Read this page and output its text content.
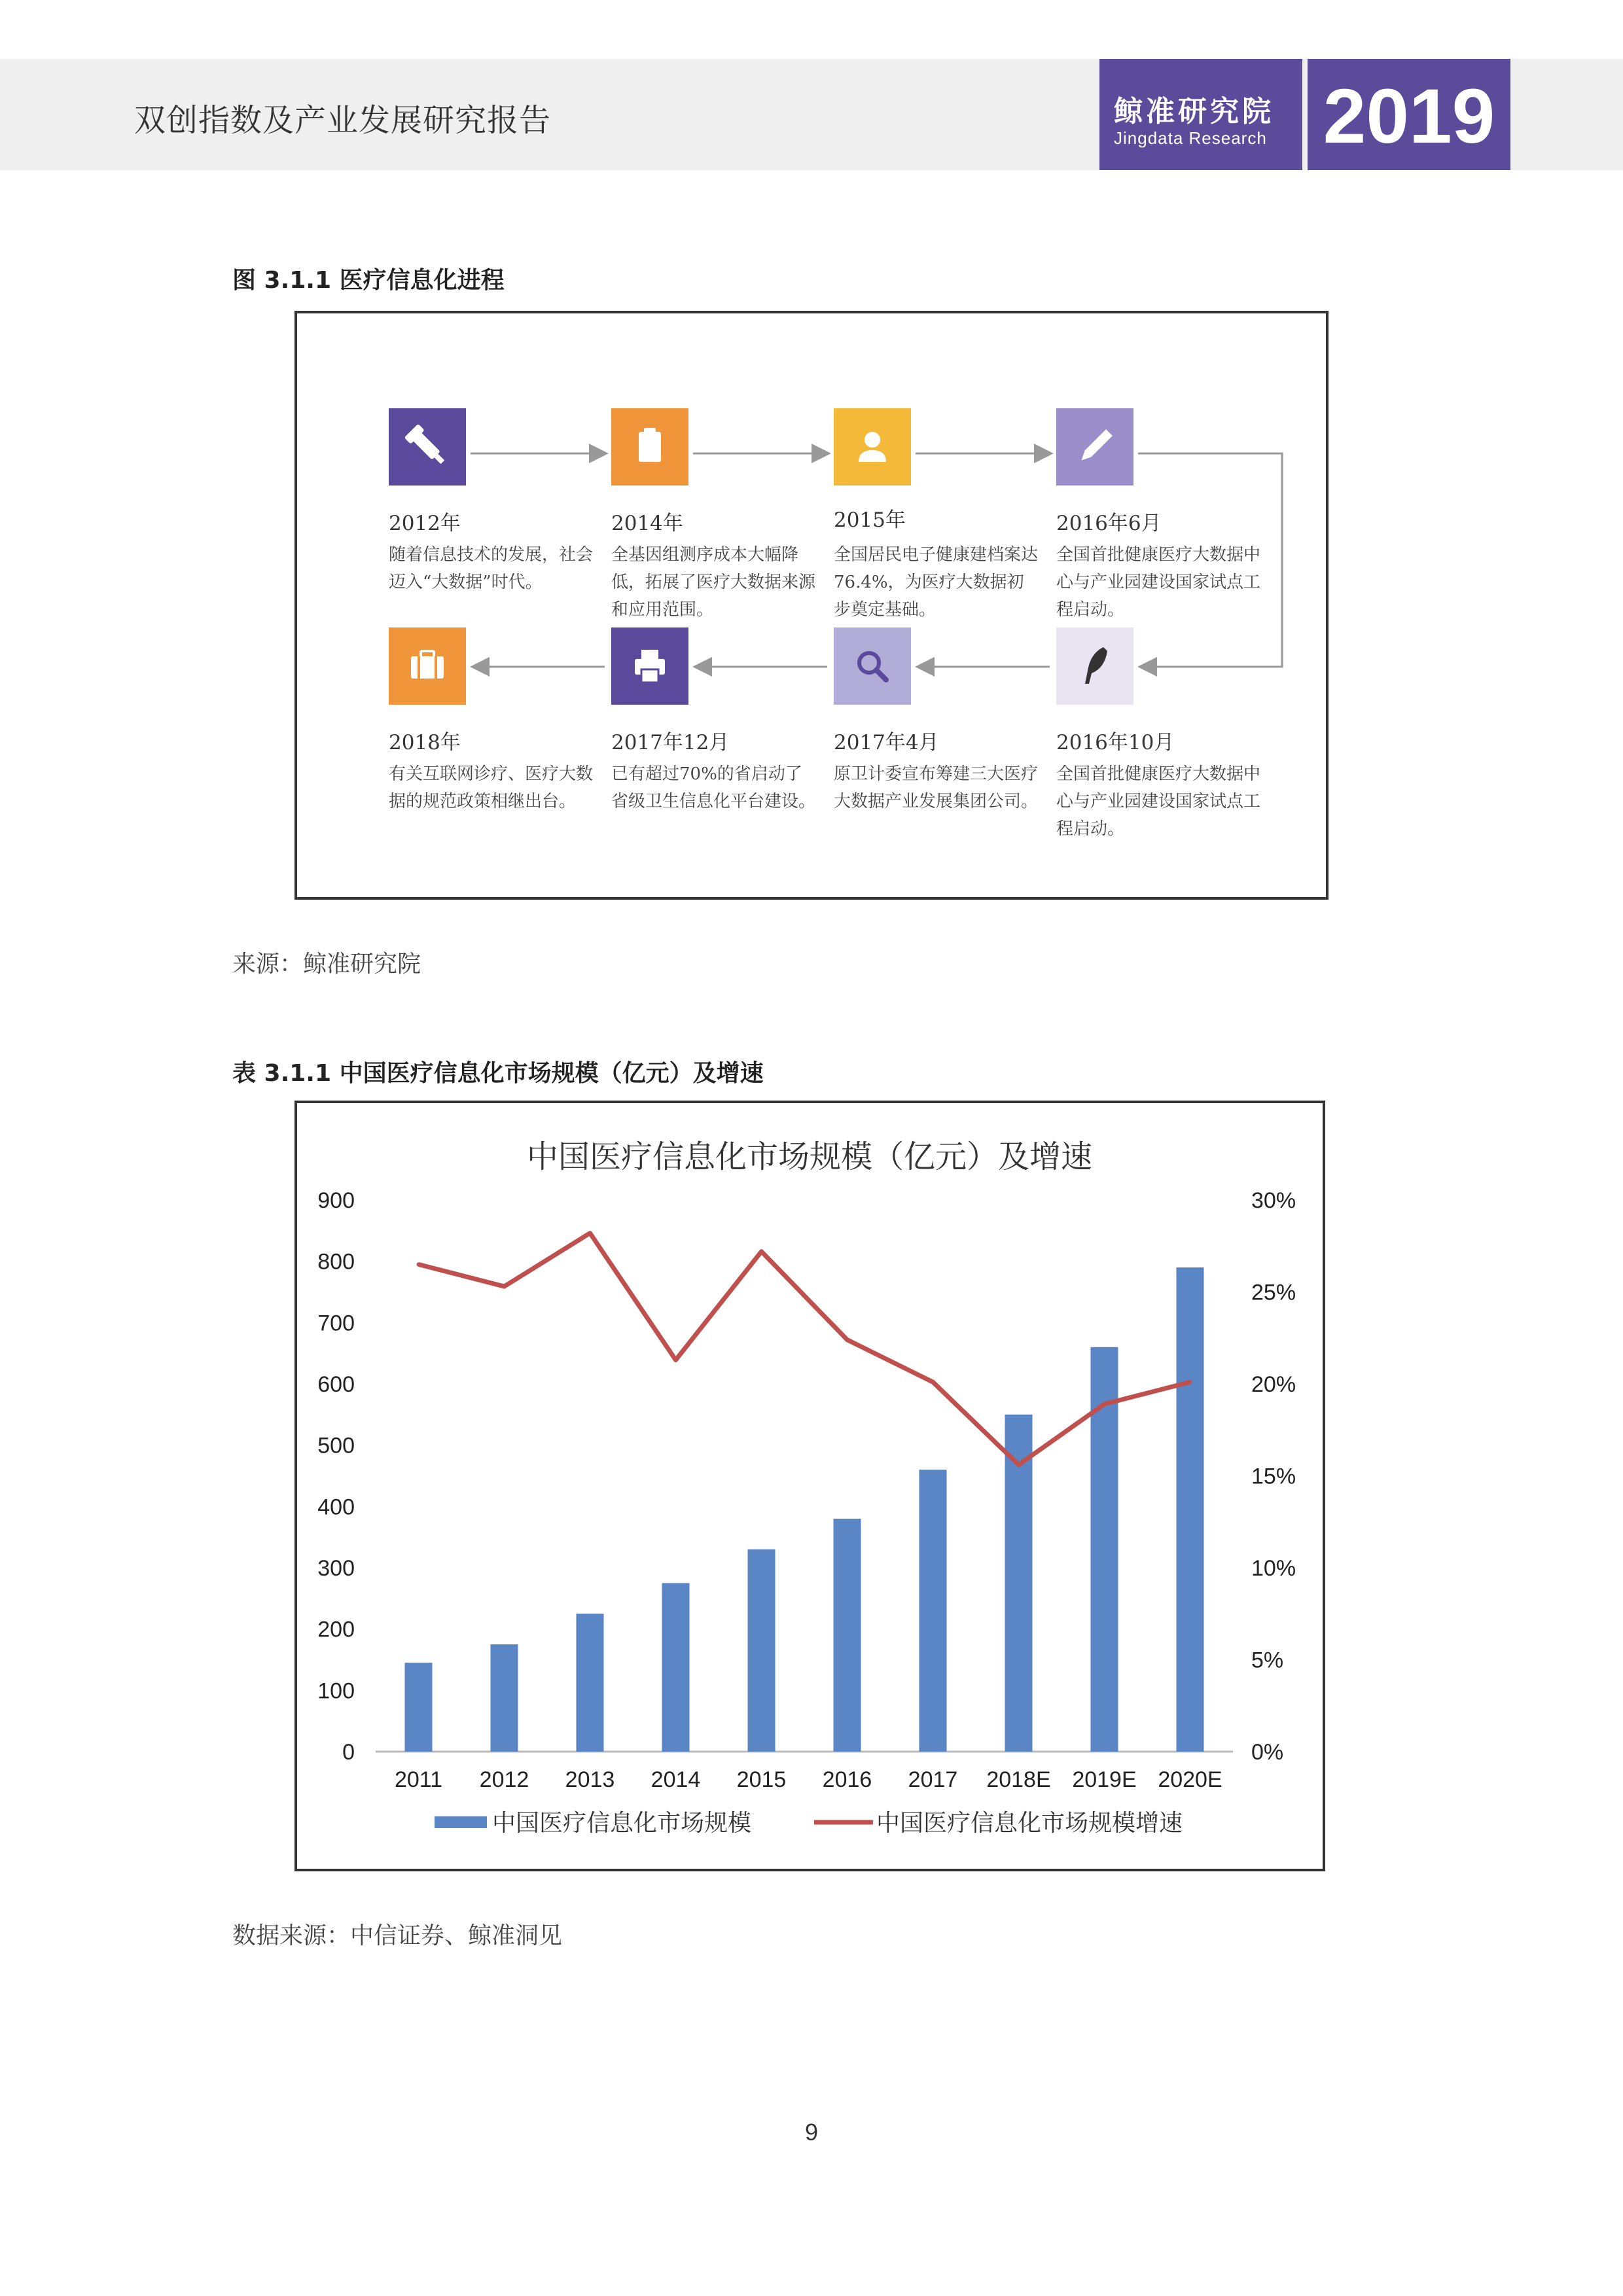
双创指数及产业发展研究报告	鲸准研究院
Jingdata Research 2019
图 3.1.1 医疗信息化进程
2012年
随着信息技术的发展，社会迈入“大数据”时代。
2014年
全基因组测序成本大幅降低，拓展了医疗大数据来源和应用范围。
2015年
全国居民电子健康建档案达76.4%，为医疗大数据初步奠定基础。
2016年6月
全国首批健康医疗大数据中心与产业园建设国家试点工程启动。
2018年
有关互联网诊疗、医疗大数据的规范政策相继出台。
2017年12月
已有超过70%的省启动了省级卫生信息化平台建设。
2017年4月
原卫计委宣布筹建三大医疗大数据产业发展集团公司。
2016年10月
全国首批健康医疗大数据中心与产业园建设国家试点工程启动。
来源：鲸准研究院
表 3.1.1 中国医疗信息化市场规模（亿元）及增速
中国医疗信息化市场规模（亿元）及增速
0
100
200
300
400
500
600
700
800
900
0%
5%
10%
15%
20%
25%
30%
2011 2012 2013 2014 2015 2016 2017 2018E 2019E 2020E
中国医疗信息化市场规模	中国医疗信息化市场规模增速
数据来源：中信证券、鲸准洞见
9
